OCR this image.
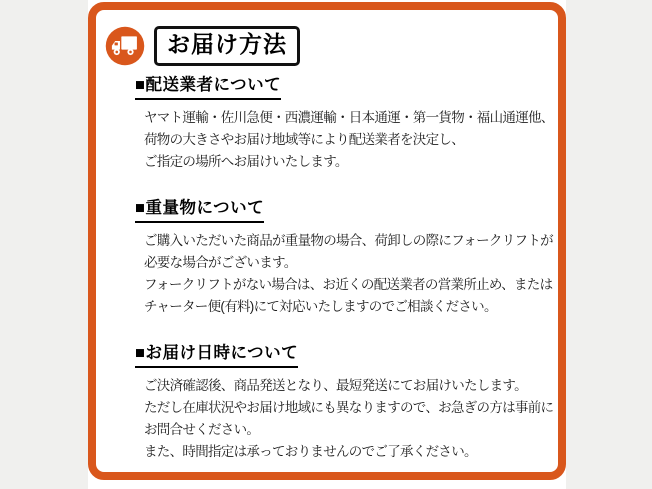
お届け方法
■配送業者について
ヤマト運輸・佐川急便・西濃運輸・日本通運・第一貨物・福山通運他、
荷物の大きさやお届け地域等により配送業者を決定し、
ご指定の場所へお届けいたします。
■重量物について
ご購入いただいた商品が重量物の場合、荷卸しの際にフォークリフトが
必要な場合がございます。
フォークリフトがない場合は、お近くの配送業者の営業所止め、または
チャーター便(有料)にて対応いたしますのでご相談ください。
■お届け日時について
ご決済確認後、商品発送となり、最短発送にてお届けいたします。
ただし在庫状況やお届け地域にも異なりますので、お急ぎの方は事前に
お問合せください。
また、時間指定は承っておりませんのでご了承ください。
